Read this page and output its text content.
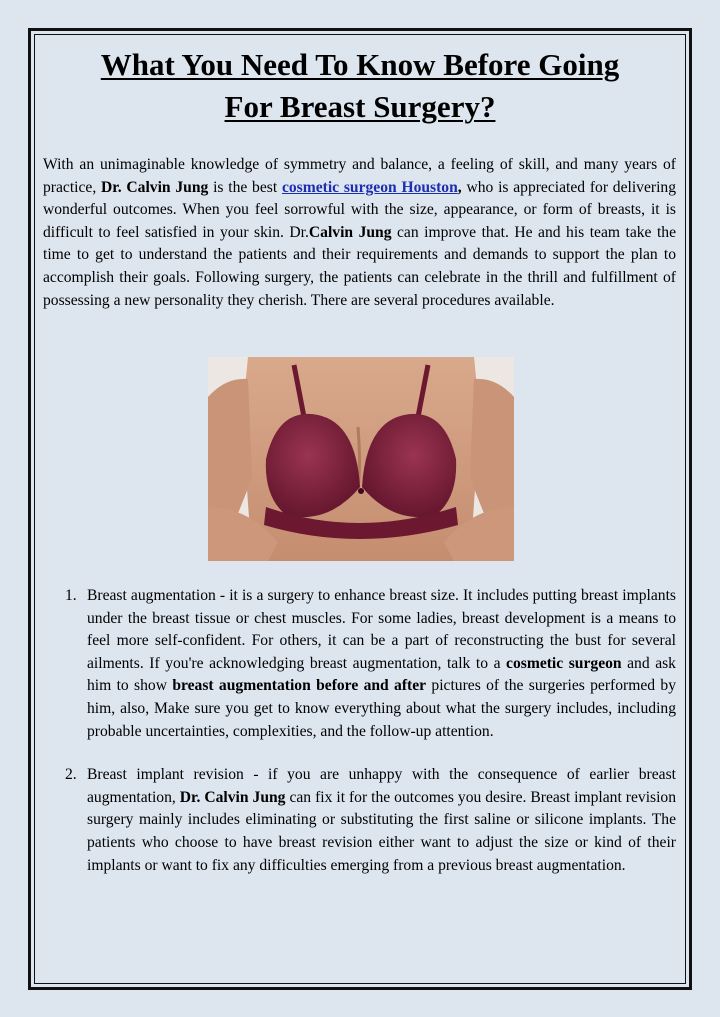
What You Need To Know Before Going
For Breast Surgery?

With an unimaginable knowledge of symmetry and balance, a feeling of skill, and many years of practice, Dr. Calvin Jung is the best cosmetic surgeon Houston, who is appreciated for delivering wonderful outcomes. When you feel sorrowful with the size, appearance, or form of breasts, it is difficult to feel satisfied in your skin. Dr.Calvin Jung can improve that. He and his team take the time to get to understand the patients and their requirements and demands to support the plan to accomplish their goals. Following surgery, the patients can celebrate in the thrill and fulfillment of possessing a new personality they cherish. There are several procedures available.

1. Breast augmentation - it is a surgery to enhance breast size. It includes putting breast implants under the breast tissue or chest muscles. For some ladies, breast development is a means to feel more self-confident. For others, it can be a part of reconstructing the bust for several ailments. If you're acknowledging breast augmentation, talk to a cosmetic surgeon and ask him to show breast augmentation before and after pictures of the surgeries performed by him, also, Make sure you get to know everything about what the surgery includes, including probable uncertainties, complexities, and the follow-up attention.
2. Breast implant revision - if you are unhappy with the consequence of earlier breast augmentation, Dr. Calvin Jung can fix it for the outcomes you desire. Breast implant revision surgery mainly includes eliminating or substituting the first saline or silicone implants. The patients who choose to have breast revision either want to adjust the size or kind of their implants or want to fix any difficulties emerging from a previous breast augmentation.
